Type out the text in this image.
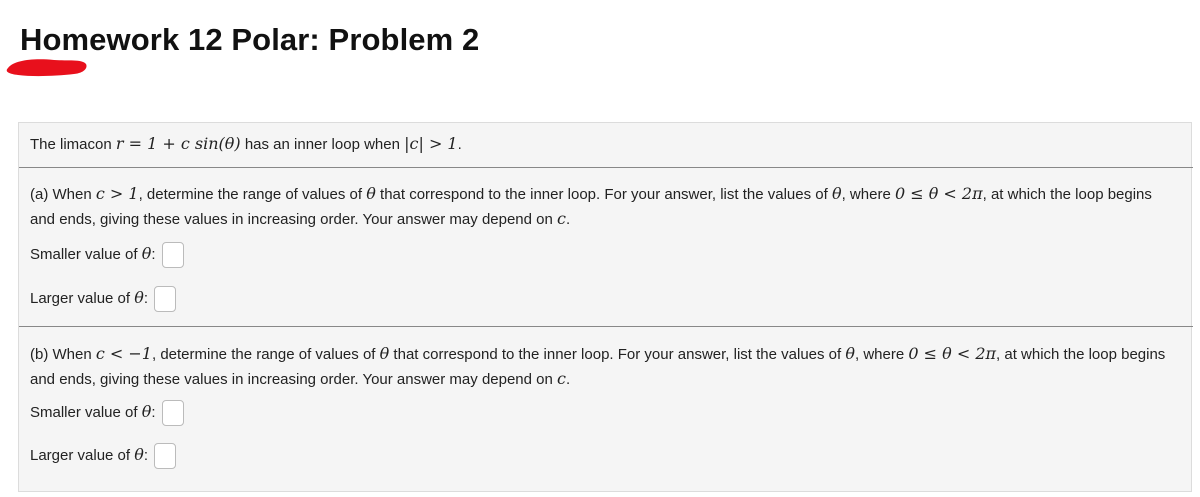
Homework 12 Polar: Problem 2
The limacon r = 1 + c sin(θ) has an inner loop when |c| > 1.
(a) When c > 1, determine the range of values of θ that correspond to the inner loop. For your answer, list the values of θ, where 0 ≤ θ < 2π, at which the loop begins and ends, giving these values in increasing order. Your answer may depend on c.
Smaller value of θ:
Larger value of θ:
(b) When c < −1, determine the range of values of θ that correspond to the inner loop. For your answer, list the values of θ, where 0 ≤ θ < 2π, at which the loop begins and ends, giving these values in increasing order. Your answer may depend on c.
Smaller value of θ:
Larger value of θ:
